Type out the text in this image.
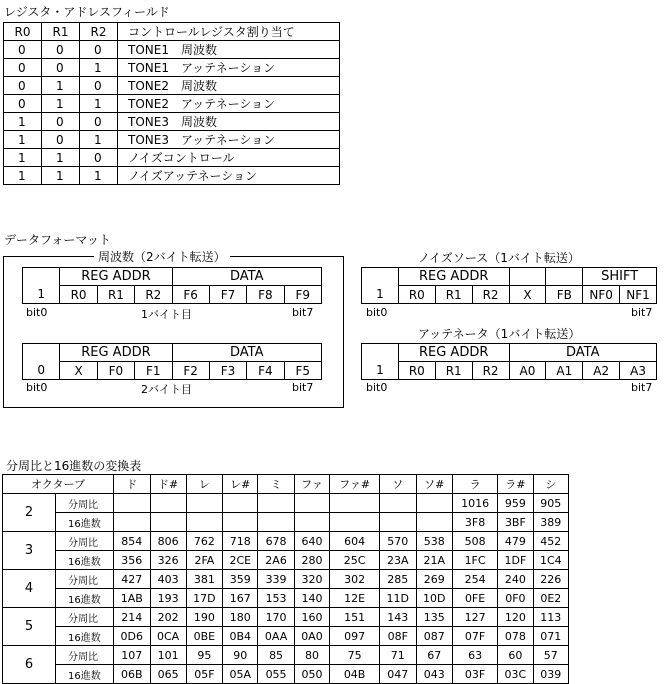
レジスタ・アドレスフィールド
R0	R1	R2	コントロールレジスタ割り当て
0	0	0	TONE1　周波数
0	0	1	TONE1　アッテネーション
0	1	0	TONE2　周波数
0	1	1	TONE2　アッテネーション
1	0	0	TONE3　周波数
1	0	1	TONE3　アッテネーション
1	1	0	ノイズコントロール
1	1	1	ノイズアッテネーション
データフォーマット
周波数（2バイト転送）
	REG ADDR			DATA			
1	R0	R1	R2	F6	F7	F8	F9
	REG ADDR			DATA			
0	X	F0	F1	F2	F3	F4	F5
bit0	1バイト目	bit7
bit0	2バイト目	bit7
ノイズソース（1バイト転送）
	REG ADDR					SHIFT	
1	R0	R1	R2	X	FB	NF0	NF1
bit0	bit7
アッテネータ（1バイト転送）
	REG ADDR			DATA			
1	R0	R1	R2	A0	A1	A2	A3
bit0	bit7
分周比と16進数の変換表
オクターブ		ド	ド#	レ	レ#	ミ	ファ	ファ#	ソ	ソ#	ラ	ラ#	シ
2	分周比										1016	959	905
	16進数										3F8	3BF	389
3	分周比	854	806	762	718	678	640	604	570	538	508	479	452
	16進数	356	326	2FA	2CE	2A6	280	25C	23A	21A	1FC	1DF	1C4
4	分周比	427	403	381	359	339	320	302	285	269	254	240	226
	16進数	1AB	193	17D	167	153	140	12E	11D	10D	0FE	0F0	0E2
5	分周比	214	202	190	180	170	160	151	143	135	127	120	113
	16進数	0D6	0CA	0BE	0B4	0AA	0A0	097	08F	087	07F	078	071
6	分周比	107	101	95	90	85	80	75	71	67	63	60	57
	16進数	06B	065	05F	05A	055	050	04B	047	043	03F	03C	039
